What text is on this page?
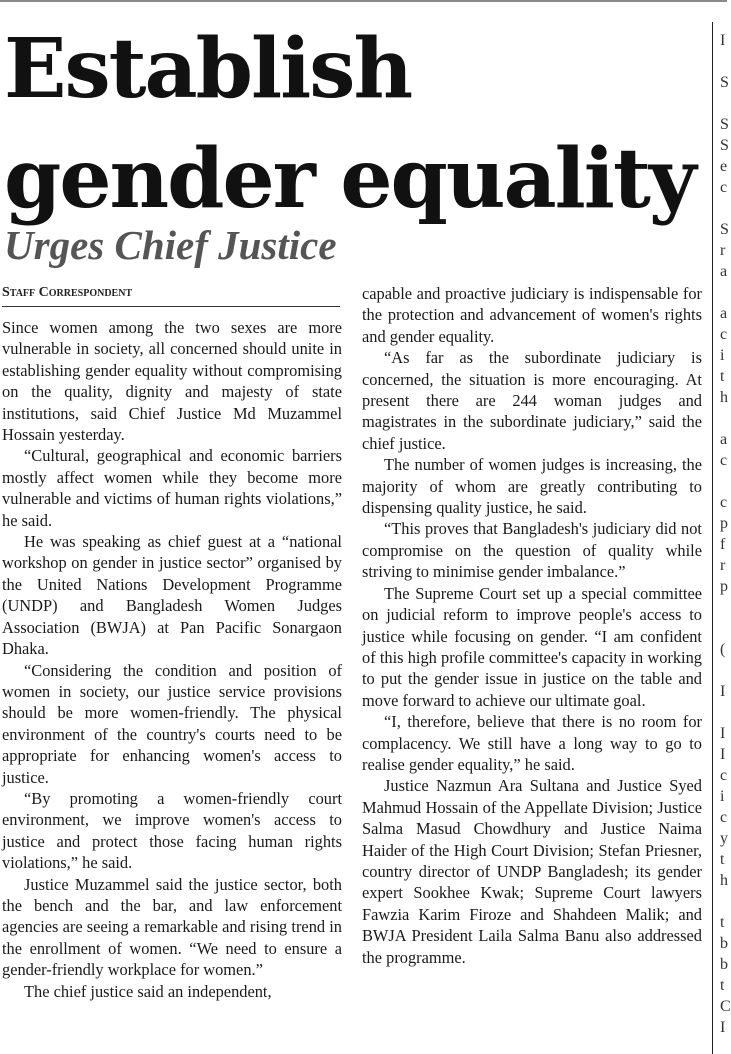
Establish gender equality
Urges Chief Justice
Staff Correspondent

Since women among the two sexes are more vulnerable in society, all concerned should unite in establishing gender equality without compromising on the quality, dignity and majesty of state institutions, said Chief Justice Md Muzammel Hossain yesterday.

“Cultural, geographical and economic barriers mostly affect women while they become more vulnerable and victims of human rights violations,” he said.

He was speaking as chief guest at a “national workshop on gender in justice sector” organised by the United Nations Development Programme (UNDP) and Bangladesh Women Judges Association (BWJA) at Pan Pacific Sonargaon Dhaka.

“Considering the condition and position of women in society, our justice service provisions should be more women-friendly. The physical environment of the country's courts need to be appropriate for enhancing women's access to justice.

“By promoting a women-friendly court environment, we improve women's access to justice and protect those facing human rights violations,” he said.

Justice Muzammel said the justice sector, both the bench and the bar, and law enforcement agencies are seeing a remarkable and rising trend in the enrollment of women. “We need to ensure a gender-friendly workplace for women.”

The chief justice said an independent,

capable and proactive judiciary is indispensable for the protection and advancement of women's rights and gender equality.

“As far as the subordinate judiciary is concerned, the situation is more encouraging. At present there are 244 woman judges and magistrates in the subordinate judiciary,” said the chief justice.

The number of women judges is increasing, the majority of whom are greatly contributing to dispensing quality justice, he said.

“This proves that Bangladesh's judiciary did not compromise on the question of quality while striving to minimise gender imbalance.”

The Supreme Court set up a special committee on judicial reform to improve people's access to justice while focusing on gender. “I am confident of this high profile committee's capacity in working to put the gender issue in justice on the table and move forward to achieve our ultimate goal.

“I, therefore, believe that there is no room for complacency. We still have a long way to go to realise gender equality,” he said.

Justice Nazmun Ara Sultana and Justice Syed Mahmud Hossain of the Appellate Division; Justice Salma Masud Chowdhury and Justice Naima Haider of the High Court Division; Stefan Priesner, country director of UNDP Bangladesh; its gender expert Sookhee Kwak; Supreme Court lawyers Fawzia Karim Firoze and Shahdeen Malik; and BWJA President Laila Salma Banu also addressed the programme.

I

S

S
S
e
c

S
r
a

a
c
i
t
h

a
c

c
p
f
r
p

(

I

I
I
c
i
c
y
t
h

t
b
b
t
C
I
